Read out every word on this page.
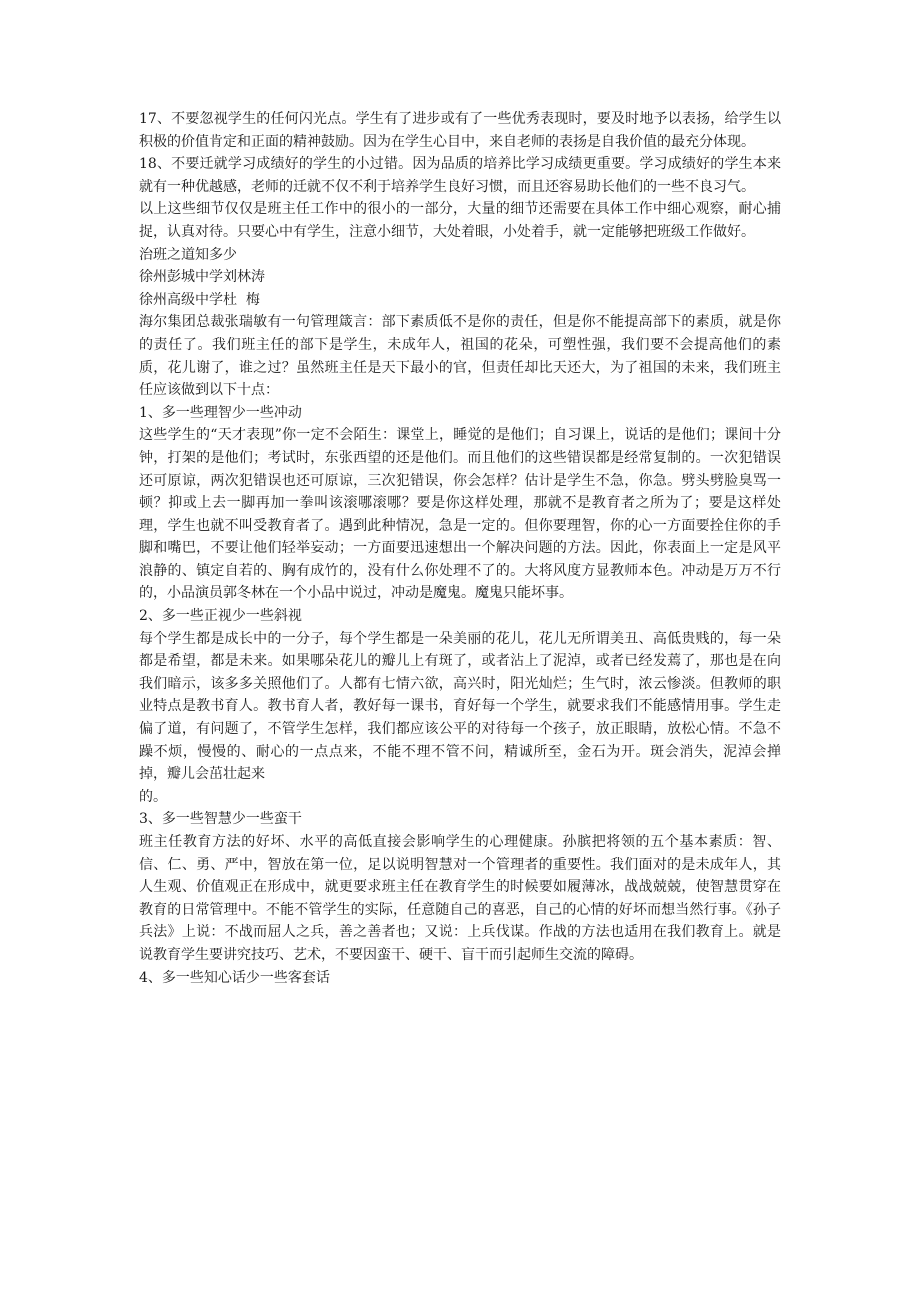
17、不要忽视学生的任何闪光点。学生有了进步或有了一些优秀表现时，要及时地予以表扬，给学生以积极的价值肯定和正面的精神鼓励。因为在学生心目中，来自老师的表扬是自我价值的最充分体现。

18、不要迁就学习成绩好的学生的小过错。因为品质的培养比学习成绩更重要。学习成绩好的学生本来就有一种优越感，老师的迁就不仅不利于培养学生良好习惯，而且还容易助长他们的一些不良习气。

以上这些细节仅仅是班主任工作中的很小的一部分，大量的细节还需要在具体工作中细心观察，耐心捕捉，认真对待。只要心中有学生，注意小细节，大处着眼，小处着手，就一定能够把班级工作做好。

治班之道知多少

徐州彭城中学刘林涛

徐州高级中学杜  梅

海尔集团总裁张瑞敏有一句管理箴言：部下素质低不是你的责任，但是你不能提高部下的素质，就是你的责任了。我们班主任的部下是学生，未成年人，祖国的花朵，可塑性强，我们要不会提高他们的素质，花儿谢了，谁之过？虽然班主任是天下最小的官，但责任却比天还大，为了祖国的未来，我们班主任应该做到以下十点：

1、多一些理智少一些冲动

这些学生的“天才表现”你一定不会陌生：课堂上，睡觉的是他们；自习课上，说话的是他们；课间十分钟，打架的是他们；考试时，东张西望的还是他们。而且他们的这些错误都是经常复制的。一次犯错误还可原谅，两次犯错误也还可原谅，三次犯错误，你会怎样？估计是学生不急，你急。劈头劈脸臭骂一顿？抑或上去一脚再加一拳叫该滚哪滚哪？要是你这样处理，那就不是教育者之所为了；要是这样处理，学生也就不叫受教育者了。遇到此种情况，急是一定的。但你要理智，你的心一方面要拴住你的手脚和嘴巴，不要让他们轻举妄动；一方面要迅速想出一个解决问题的方法。因此，你表面上一定是风平浪静的、镇定自若的、胸有成竹的，没有什么你处理不了的。大将风度方显教师本色。冲动是万万不行的，小品演员郭冬林在一个小品中说过，冲动是魔鬼。魔鬼只能坏事。

2、多一些正视少一些斜视

每个学生都是成长中的一分子，每个学生都是一朵美丽的花儿，花儿无所谓美丑、高低贵贱的，每一朵都是希望，都是未来。如果哪朵花儿的瓣儿上有斑了，或者沾上了泥淖，或者已经发蔫了，那也是在向我们暗示，该多多关照他们了。人都有七情六欲，高兴时，阳光灿烂；生气时，浓云惨淡。但教师的职业特点是教书育人。教书育人者，教好每一课书，育好每一个学生，就要求我们不能感情用事。学生走偏了道，有问题了，不管学生怎样，我们都应该公平的对待每一个孩子，放正眼睛，放松心情。不急不躁不烦，慢慢的、耐心的一点点来，不能不理不管不问，精诚所至，金石为开。斑会消失，泥淖会掸掉，瓣儿会茁壮起来

的。

3、多一些智慧少一些蛮干

班主任教育方法的好坏、水平的高低直接会影响学生的心理健康。孙膑把将领的五个基本素质：智、信、仁、勇、严中，智放在第一位，足以说明智慧对一个管理者的重要性。我们面对的是未成年人，其人生观、价值观正在形成中，就更要求班主任在教育学生的时候要如履薄冰，战战兢兢，使智慧贯穿在教育的日常管理中。不能不管学生的实际，任意随自己的喜恶，自己的心情的好坏而想当然行事。《孙子兵法》上说：不战而屈人之兵，善之善者也；又说：上兵伐谋。作战的方法也适用在我们教育上。就是说教育学生要讲究技巧、艺术，不要因蛮干、硬干、盲干而引起师生交流的障碍。

4、多一些知心话少一些客套话
